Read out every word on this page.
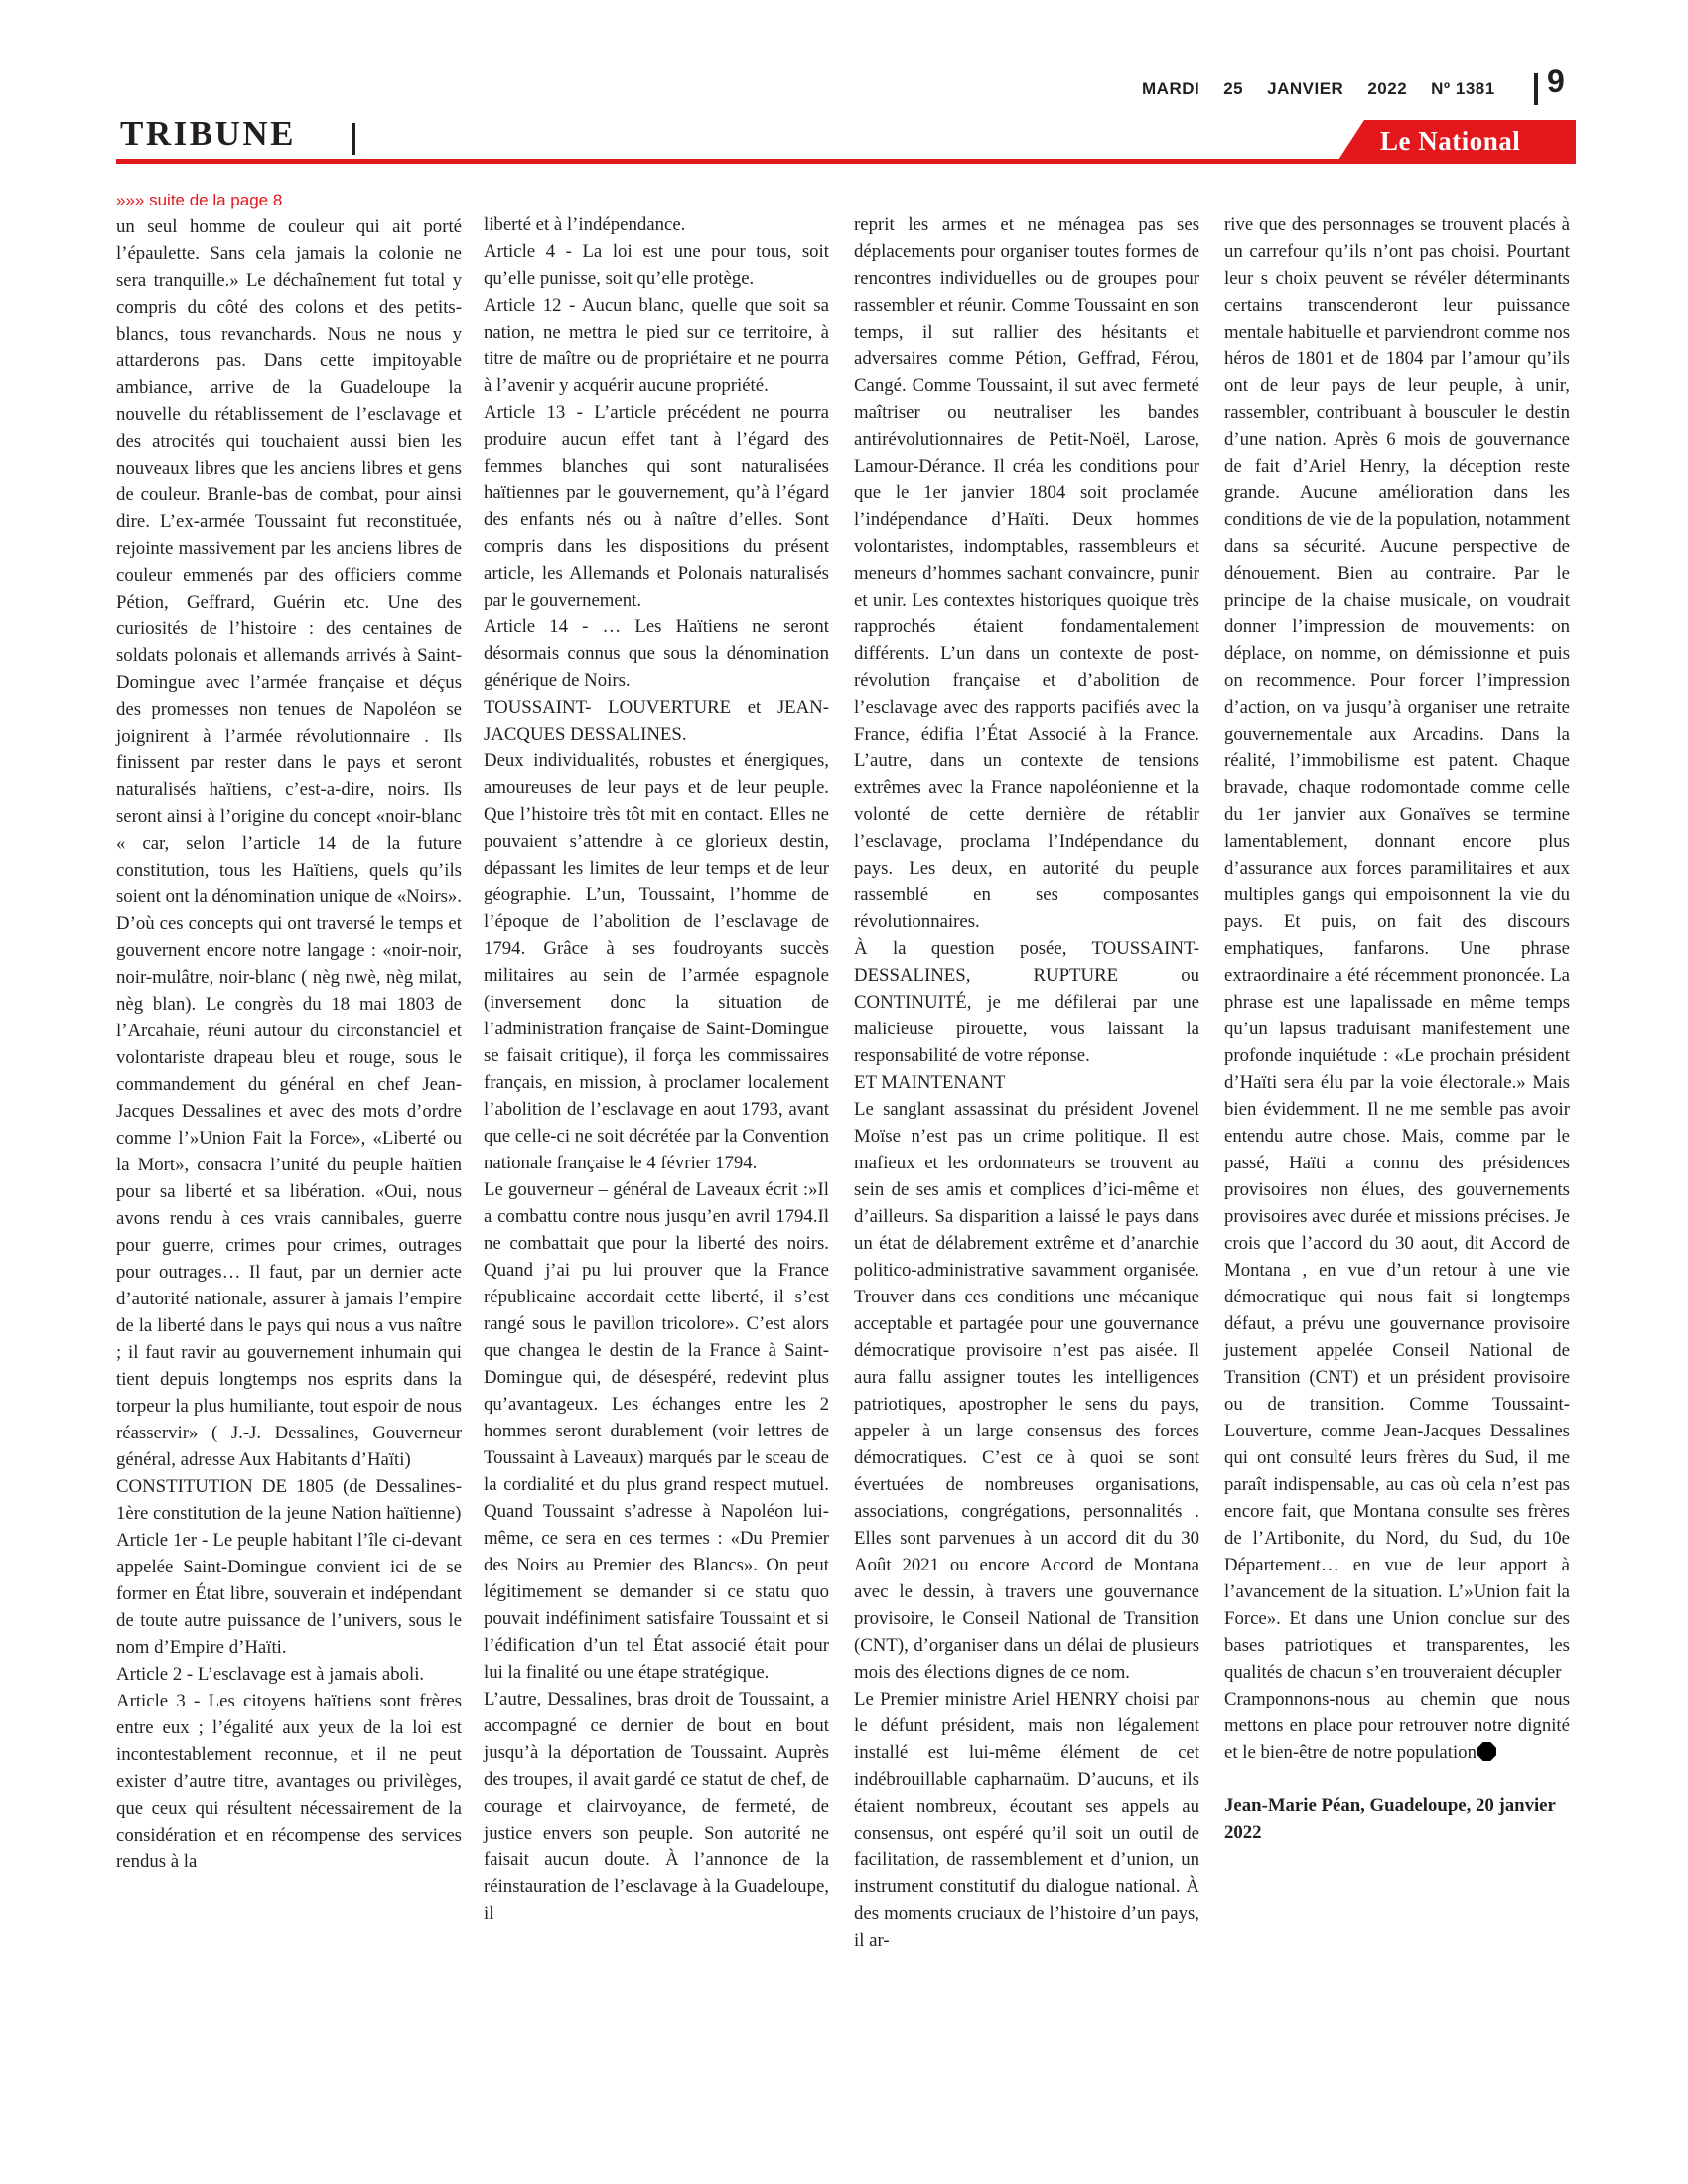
MARDI 25 JANVIER 2022 Nº 1381 9
TRIBUNE	Le National
»»» suite de la page 8

un seul homme de couleur qui ait porté l’épaulette. Sans cela jamais la colonie ne sera tranquille.» Le déchaînement fut total y compris du côté des colons et des petits-blancs, tous revanchards. Nous ne nous y attarderons pas. Dans cette impitoyable ambiance, arrive de la Guadeloupe la nouvelle du rétablissement de l’esclavage et des atrocités qui touchaient aussi bien les nouveaux libres que les anciens libres et gens de couleur. Branle-bas de combat, pour ainsi dire. L’ex-armée Toussaint fut reconstituée, rejointe massivement par les anciens libres de couleur emmenés par des officiers comme Pétion, Geffrard, Guérin etc. Une des curiosités de l’histoire : des centaines de soldats polonais et allemands arrivés à Saint-Domingue avec l’armée française et déçus des promesses non tenues de Napoléon se joignirent à l’armée révolutionnaire . Ils finissent par rester dans le pays et seront naturalisés haïtiens, c’est-a-dire, noirs. Ils seront ainsi à l’origine du concept «noir-blanc « car, selon l’article 14 de la future constitution, tous les Haïtiens, quels qu’ils soient ont la dénomination unique de «Noirs». D’où ces concepts qui ont traversé le temps et gouvernent encore notre langage : «noir-noir, noir-mulâtre, noir-blanc ( nèg nwè, nèg milat, nèg blan). Le congrès du 18 mai 1803 de l’Arcahaie, réuni autour du circonstanciel et volontariste drapeau bleu et rouge, sous le commandement du général en chef Jean-Jacques Dessalines et avec des mots d’ordre comme l’»Union Fait la Force», «Liberté ou la Mort», consacra l’unité du peuple haïtien pour sa liberté et sa libération. «Oui, nous avons rendu à ces vrais cannibales, guerre pour guerre, crimes pour crimes, outrages pour outrages… Il faut, par un dernier acte d’autorité nationale, assurer à jamais l’empire de la liberté dans le pays qui nous a vus naître ; il faut ravir au gouvernement inhumain qui tient depuis longtemps nos esprits dans la torpeur la plus humiliante, tout espoir de nous réasservir» ( J.-J. Dessalines, Gouverneur général, adresse Aux Habitants d’Haïti)

CONSTITUTION DE 1805 (de Dessalines- 1ère constitution de la jeune Nation haïtienne)

Article 1er - Le peuple habitant l’île ci-devant appelée Saint-Domingue convient ici de se former en État libre, souverain et indépendant de toute autre puissance de l’univers, sous le nom d’Empire d’Haïti.

Article 2 - L’esclavage est à jamais aboli.

Article 3 - Les citoyens haïtiens sont frères entre eux ; l’égalité aux yeux de la loi est incontestablement reconnue, et il ne peut exister d’autre titre, avantages ou privilèges, que ceux qui résultent nécessairement de la considération et en récompense des services rendus à la

liberté et à l’indépendance.

Article 4 - La loi est une pour tous, soit qu’elle punisse, soit qu’elle protège.

Article 12 - Aucun blanc, quelle que soit sa nation, ne mettra le pied sur ce territoire, à titre de maître ou de propriétaire et ne pourra à l’avenir y acquérir aucune propriété.

Article 13 - L’article précédent ne pourra produire aucun effet tant à l’égard des femmes blanches qui sont naturalisées haïtiennes par le gouvernement, qu’à l’égard des enfants nés ou à naître d’elles. Sont compris dans les dispositions du présent article, les Allemands et Polonais naturalisés par le gouvernement.

Article 14 - … Les Haïtiens ne seront désormais connus que sous la dénomination générique de Noirs.

TOUSSAINT- LOUVERTURE et JEAN-JACQUES DESSALINES.

Deux individualités, robustes et énergiques, amoureuses de leur pays et de leur peuple. Que l’histoire très tôt mit en contact. Elles ne pouvaient s’attendre à ce glorieux destin, dépassant les limites de leur temps et de leur géographie. L’un, Toussaint, l’homme de l’époque de l’abolition de l’esclavage de 1794. Grâce à ses foudroyants succès militaires au sein de l’armée espagnole (inversement donc la situation de l’administration française de Saint-Domingue se faisait critique), il força les commissaires français, en mission, à proclamer localement l’abolition de l’esclavage en aout 1793, avant que celle-ci ne soit décrétée par la Convention nationale française le 4 février 1794.

Le gouverneur – général de Laveaux écrit :»Il a combattu contre nous jusqu’en avril 1794.Il ne combattait que pour la liberté des noirs. Quand j’ai pu lui prouver que la France républicaine accordait cette liberté, il s’est rangé sous le pavillon tricolore». C’est alors que changea le destin de la France à Saint-Domingue qui, de désespéré, redevint plus qu’avantageux. Les échanges entre les 2 hommes seront durablement (voir lettres de Toussaint à Laveaux) marqués par le sceau de la cordialité et du plus grand respect mutuel. Quand Toussaint s’adresse à Napoléon lui-même, ce sera en ces termes : «Du Premier des Noirs au Premier des Blancs». On peut légitimement se demander si ce statu quo pouvait indéfiniment satisfaire Toussaint et si l’édification d’un tel État associé était pour lui la finalité ou une étape stratégique.

L’autre, Dessalines, bras droit de Toussaint, a accompagné ce dernier de bout en bout jusqu’à la déportation de Toussaint. Auprès des troupes, il avait gardé ce statut de chef, de courage et clairvoyance, de fermeté, de justice envers son peuple. Son autorité ne faisait aucun doute. À l’annonce de la réinstauration de l’esclavage à la Guadeloupe, il

reprit les armes et ne ménagea pas ses déplacements pour organiser toutes formes de rencontres individuelles ou de groupes pour rassembler et réunir. Comme Toussaint en son temps, il sut rallier des hésitants et adversaires comme Pétion, Geffrad, Férou, Cangé. Comme Toussaint, il sut avec fermeté maîtriser ou neutraliser les bandes antirévolutionnaires de Petit-Noël, Larose, Lamour-Dérance. Il créa les conditions pour que le 1er janvier 1804 soit proclamée l’indépendance d’Haïti. Deux hommes volontaristes, indomptables, rassembleurs et meneurs d’hommes sachant convaincre, punir et unir. Les contextes historiques quoique très rapprochés étaient fondamentalement différents. L’un dans un contexte de post-révolution française et d’abolition de l’esclavage avec des rapports pacifiés avec la France, édifia l’État Associé à la France. L’autre, dans un contexte de tensions extrêmes avec la France napoléonienne et la volonté de cette dernière de rétablir l’esclavage, proclama l’Indépendance du pays. Les deux, en autorité du peuple rassemblé en ses composantes révolutionnaires.

À la question posée, TOUSSAINT-DESSALINES, RUPTURE ou CONTINUITÉ, je me défilerai par une malicieuse pirouette, vous laissant la responsabilité de votre réponse.

ET MAINTENANT

Le sanglant assassinat du président Jovenel Moïse n’est pas un crime politique. Il est mafieux et les ordonnateurs se trouvent au sein de ses amis et complices d’ici-même et d’ailleurs. Sa disparition a laissé le pays dans un état de délabrement extrême et d’anarchie politico-administrative savamment organisée. Trouver dans ces conditions une mécanique acceptable et partagée pour une gouvernance démocratique provisoire n’est pas aisée. Il aura fallu assigner toutes les intelligences patriotiques, apostropher le sens du pays, appeler à un large consensus des forces démocratiques. C’est ce à quoi se sont évertuées de nombreuses organisations, associations, congrégations, personnalités . Elles sont parvenues à un accord dit du 30 Août 2021 ou encore Accord de Montana avec le dessin, à travers une gouvernance provisoire, le Conseil National de Transition (CNT), d’organiser dans un délai de plusieurs mois des élections dignes de ce nom.

Le Premier ministre Ariel HENRY choisi par le défunt président, mais non légalement installé est lui-même élément de cet indébrouillable capharnaüm. D’aucuns, et ils étaient nombreux, écoutant ses appels au consensus, ont espéré qu’il soit un outil de facilitation, de rassemblement et d’union, un instrument constitutif du dialogue national. À des moments cruciaux de l’histoire d’un pays, il ar-

rive que des personnages se trouvent placés à un carrefour qu’ils n’ont pas choisi. Pourtant leur s choix peuvent se révéler déterminants certains transcenderont leur puissance mentale habituelle et parviendront comme nos héros de 1801 et de 1804 par l’amour qu’ils ont de leur pays de leur peuple, à unir, rassembler, contribuant à bousculer le destin d’une nation. Après 6 mois de gouvernance de fait d’Ariel Henry, la déception reste grande. Aucune amélioration dans les conditions de vie de la population, notamment dans sa sécurité. Aucune perspective de dénouement. Bien au contraire. Par le principe de la chaise musicale, on voudrait donner l’impression de mouvements: on déplace, on nomme, on démissionne et puis on recommence. Pour forcer l’impression d’action, on va jusqu’à organiser une retraite gouvernementale aux Arcadins. Dans la réalité, l’immobilisme est patent. Chaque bravade, chaque rodomontade comme celle du 1er janvier aux Gonaïves se termine lamentablement, donnant encore plus d’assurance aux forces paramilitaires et aux multiples gangs qui empoisonnent la vie du pays. Et puis, on fait des discours emphatiques, fanfarons. Une phrase extraordinaire a été récemment prononcée. La phrase est une lapalissade en même temps qu’un lapsus traduisant manifestement une profonde inquiétude : «Le prochain président d’Haïti sera élu par la voie électorale.» Mais bien évidemment. Il ne me semble pas avoir entendu autre chose. Mais, comme par le passé, Haïti a connu des présidences provisoires non élues, des gouvernements provisoires avec durée et missions précises. Je crois que l’accord du 30 aout, dit Accord de Montana , en vue d’un retour à une vie démocratique qui nous fait si longtemps défaut, a prévu une gouvernance provisoire justement appelée Conseil National de Transition (CNT) et un président provisoire ou de transition. Comme Toussaint-Louverture, comme Jean-Jacques Dessalines qui ont consulté leurs frères du Sud, il me paraît indispensable, au cas où cela n’est pas encore fait, que Montana consulte ses frères de l’Artibonite, du Nord, du Sud, du 10e Département… en vue de leur apport à l’avancement de la situation. L’»Union fait la Force». Et dans une Union conclue sur des bases patriotiques et transparentes, les qualités de chacun s’en trouveraient décupler

Cramponnons-nous au chemin que nous mettons en place pour retrouver notre dignité et le bien-être de notre population

Jean-Marie Péan, Guadeloupe, 20 janvier 2022
